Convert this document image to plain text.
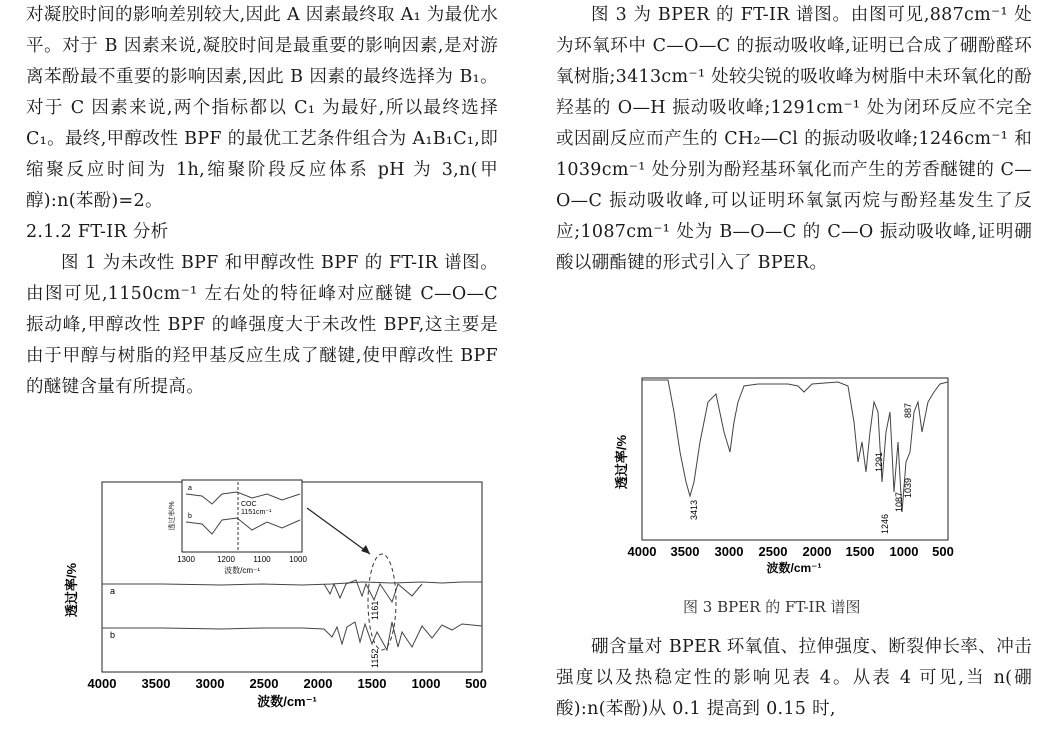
对凝胶时间的影响差别较大,因此 A 因素最终取 A₁ 为最优水平。对于 B 因素来说,凝胶时间是最重要的影响因素,是对游离苯酚最不重要的影响因素,因此 B 因素的最终选择为 B₁。对于 C 因素来说,两个指标都以 C₁ 为最好,所以最终选择 C₁。最终,甲醇改性 BPF 的最优工艺条件组合为 A₁B₁C₁,即缩聚反应时间为 1h,缩聚阶段反应体系 pH 为 3,n(甲醇):n(苯酚)=2。

2.1.2 FT-IR 分析

图 1 为未改性 BPF 和甲醇改性 BPF 的 FT-IR 谱图。由图可见,1150cm⁻¹ 左右处的特征峰对应醚键 C—O—C 振动峰,甲醇改性 BPF 的峰强度大于未改性 BPF,这主要是由于甲醇与树脂的羟甲基反应生成了醚键,使甲醇改性 BPF 的醚键含量有所提高。

图 3 为 BPER 的 FT-IR 谱图。由图可见,887cm⁻¹ 处为环氧环中 C—O—C 的振动吸收峰,证明已合成了硼酚醛环氧树脂;3413cm⁻¹ 处较尖锐的吸收峰为树脂中未环氧化的酚羟基的 O—H 振动吸收峰;1291cm⁻¹ 处为闭环反应不完全或因副反应而产生的 CH₂—Cl 的振动吸收峰;1246cm⁻¹ 和 1039cm⁻¹ 处分别为酚羟基环氧化而产生的芳香醚键的 C—O—C 振动吸收峰,可以证明环氧氯丙烷与酚羟基发生了反应;1087cm⁻¹ 处为 B—O—C 的 C—O 振动吸收峰,证明硼酸以硼酯键的形式引入了 BPER。

透过率/%	a
b
1161
1152
透过率/%
a
b
COC
1151cm⁻¹
1300	1200 1100 1000
波数/cm⁻¹
4000 3500 3000 2500 2000 1500 1000 500
波数/cm⁻¹
透过率/%
3413
1291
1246
1087
1039
887
4000 3500 3000 2500 2000 1500 1000 500
波数/cm⁻¹
图 3 BPER 的 FT-IR 谱图

硼含量对 BPER 环氧值、拉伸强度、断裂伸长率、冲击强度以及热稳定性的影响见表 4。从表 4 可见,当 n(硼酸):n(苯酚)从 0.1 提高到 0.15 时,
